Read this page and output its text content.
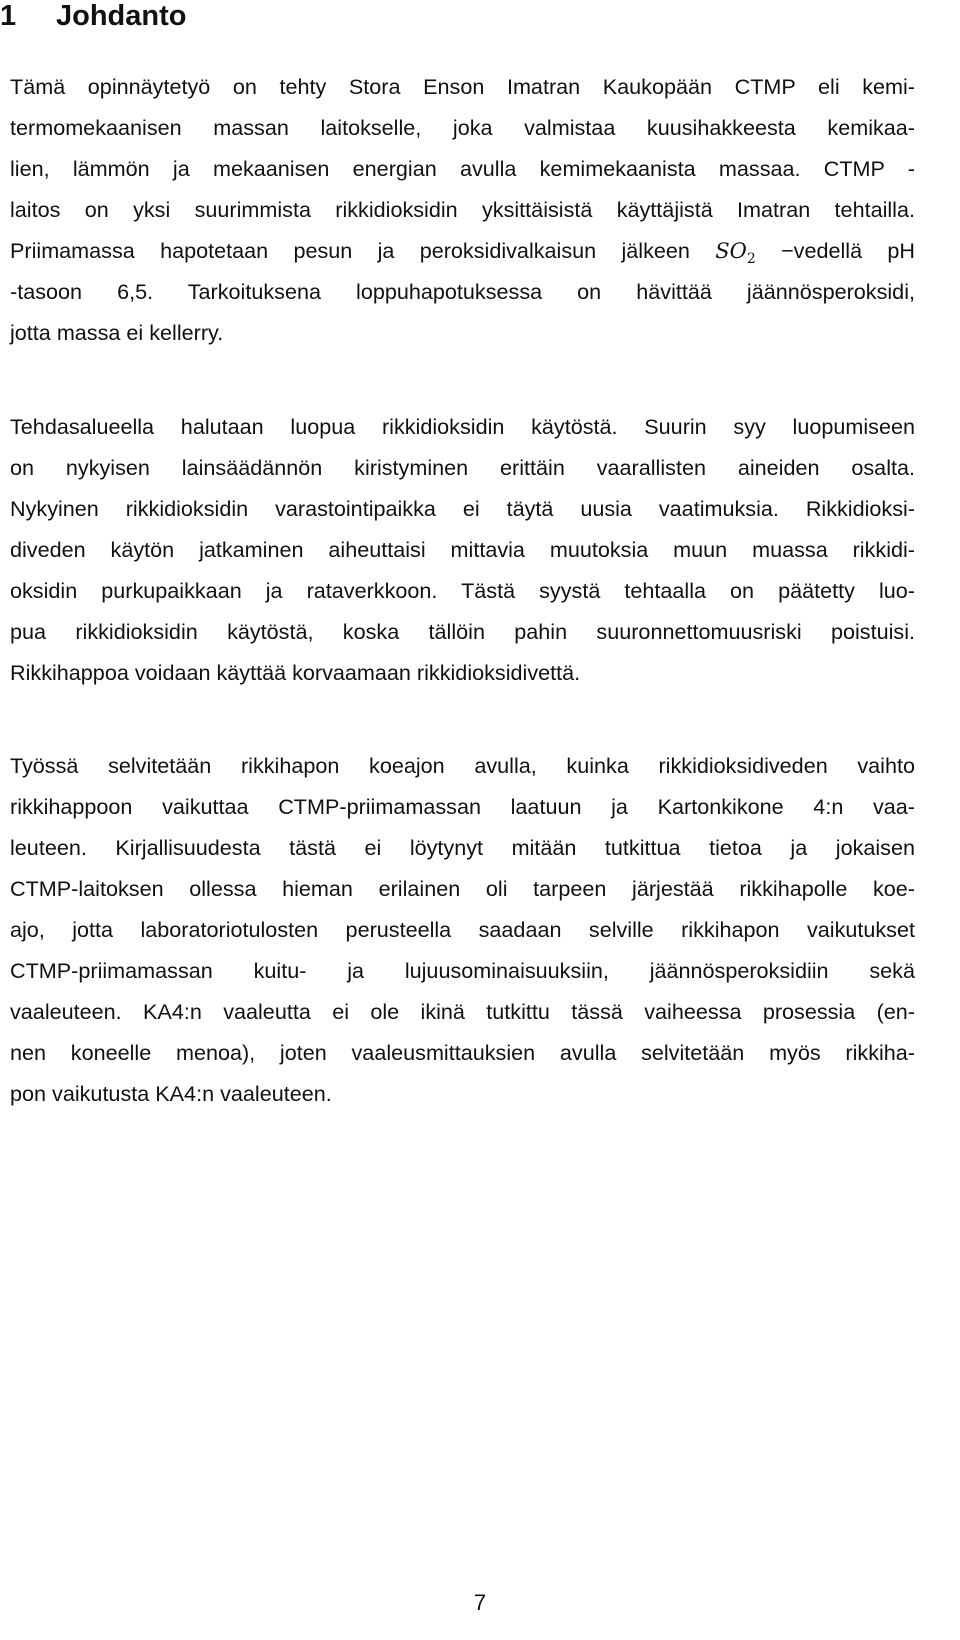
1 Johdanto
Tämä opinnäytetyö on tehty Stora Enson Imatran Kaukopään CTMP eli kemi-
termomekaanisen massan laitokselle, joka valmistaa kuusihakkeesta kemikaa-
lien, lämmön ja mekaanisen energian avulla kemimekaanista massaa. CTMP -
laitos on yksi suurimmista rikkidioksidin yksittäisistä käyttäjistä Imatran tehtailla.
Priimamassa hapotetaan pesun ja peroksidivalkaisun jälkeen $SO_2$ −vedellä pH
-tasoon 6,5. Tarkoituksena loppuhapotuksessa on hävittää jäännösperoksidi,
jotta massa ei kellerry.
Tehdasalueella halutaan luopua rikkidioksidin käytöstä. Suurin syy luopumiseen
on nykyisen lainsäädännön kiristyminen erittäin vaarallisten aineiden osalta.
Nykyinen rikkidioksidin varastointipaikka ei täytä uusia vaatimuksia. Rikkidioksi-
diveden käytön jatkaminen aiheuttaisi mittavia muutoksia muun muassa rikkidi-
oksidin purkupaikkaan ja rataverkkoon. Tästä syystä tehtaalla on päätetty luo-
pua rikkidioksidin käytöstä, koska tällöin pahin suuronnettomuusriski poistuisi.
Rikkihappoa voidaan käyttää korvaamaan rikkidioksidivettä.
Työssä selvitetään rikkihapon koeajon avulla, kuinka rikkidioksidiveden vaihto
rikkihappoon vaikuttaa CTMP-priimamassan laatuun ja Kartonkikone 4:n vaa-
leuteen. Kirjallisuudesta tästä ei löytynyt mitään tutkittua tietoa ja jokaisen
CTMP-laitoksen ollessa hieman erilainen oli tarpeen järjestää rikkihapolle koe-
ajo, jotta laboratoriotulosten perusteella saadaan selville rikkihapon vaikutukset
CTMP-priimamassan kuitu- ja lujuusominaisuuksiin, jäännösperoksidiin sekä
vaaleuteen. KA4:n vaaleutta ei ole ikinä tutkittu tässä vaiheessa prosessia (en-
nen koneelle menoa), joten vaaleusmittauksien avulla selvitetään myös rikkiha-
pon vaikutusta KA4:n vaaleuteen.
7
